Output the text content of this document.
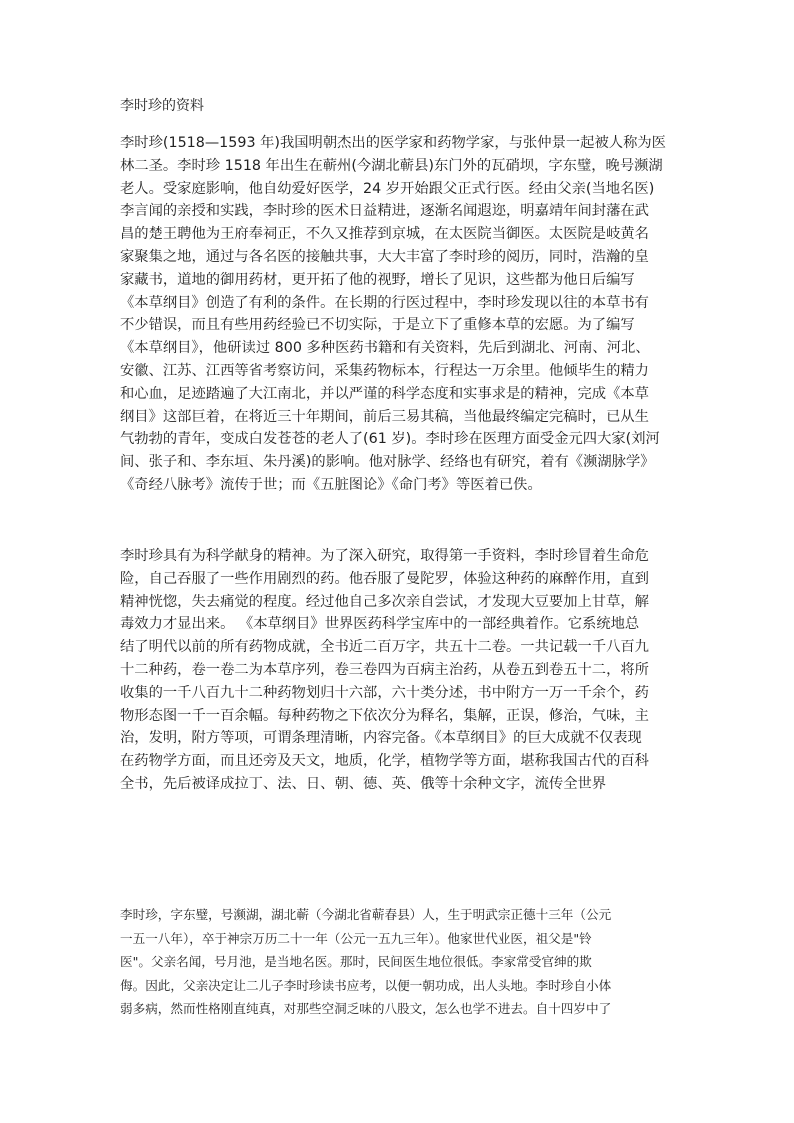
李时珍的资料
李时珍(1518—1593 年)我国明朝杰出的医学家和药物学家，与张仲景一起被人称为医
林二圣。李时珍 1518 年出生在蕲州(今湖北蕲县)东门外的瓦硝坝，字东璧，晚号濒湖
老人。受家庭影响，他自幼爱好医学，24 岁开始跟父正式行医。经由父亲(当地名医)
李言闻的亲授和实践，李时珍的医术日益精进，逐渐名闻遐迩，明嘉靖年间封藩在武
昌的楚王聘他为王府奉祠正，不久又推荐到京城，在太医院当御医。太医院是岐黄名
家聚集之地，通过与各名医的接触共事，大大丰富了李时珍的阅历，同时，浩瀚的皇
家藏书，道地的御用药材，更开拓了他的视野，增长了见识，这些都为他日后编写
《本草纲目》创造了有利的条件。在长期的行医过程中，李时珍发现以往的本草书有
不少错误，而且有些用药经验已不切实际，于是立下了重修本草的宏愿。为了编写
《本草纲目》，他研读过 800 多种医药书籍和有关资料，先后到湖北、河南、河北、
安徽、江苏、江西等省考察访问，采集药物标本，行程达一万余里。他倾毕生的精力
和心血，足迹踏遍了大江南北，并以严谨的科学态度和实事求是的精神，完成《本草
纲目》这部巨着，在将近三十年期间，前后三易其稿，当他最终编定完稿时，已从生
气勃勃的青年，变成白发苍苍的老人了(61 岁)。李时珍在医理方面受金元四大家(刘河
间、张子和、李东垣、朱丹溪)的影响。他对脉学、经络也有研究，着有《濒湖脉学》
《奇经八脉考》流传于世；而《五脏图论》《命门考》等医着已佚。
李时珍具有为科学献身的精神。为了深入研究，取得第一手资料，李时珍冒着生命危
险，自己吞服了一些作用剧烈的药。他吞服了曼陀罗，体验这种药的麻醉作用，直到
精神恍惚，失去痛觉的程度。经过他自己多次亲自尝试，才发现大豆要加上甘草，解
毒效力才显出来。 《本草纲目》世界医药科学宝库中的一部经典着作。它系统地总
结了明代以前的所有药物成就，全书近二百万字，共五十二卷。一共记载一千八百九
十二种药，卷一卷二为本草序列，卷三卷四为百病主治药，从卷五到卷五十二，将所
收集的一千八百九十二种药物划归十六部，六十类分述，书中附方一万一千余个，药
物形态图一千一百余幅。每种药物之下依次分为释名，集解，正误，修治，气味，主
治，发明，附方等项，可谓条理清晰，内容完备。《本草纲目》的巨大成就不仅表现
在药物学方面，而且还旁及天文，地质，化学，植物学等方面，堪称我国古代的百科
全书，先后被译成拉丁、法、日、朝、德、英、俄等十余种文字，流传全世界
李时珍，字东璧，号濒湖，湖北蕲（今湖北省蕲春县）人，生于明武宗正德十三年（公元
一五一八年），卒于神宗万历二十一年（公元一五九三年）。他家世代业医，祖父是"铃
医"。父亲名闻，号月池，是当地名医。那时，民间医生地位很低。李家常受官绅的欺
侮。因此，父亲决定让二儿子李时珍读书应考，以便一朝功成，出人头地。李时珍自小体
弱多病，然而性格刚直纯真，对那些空洞乏味的八股文，怎么也学不进去。自十四岁中了
